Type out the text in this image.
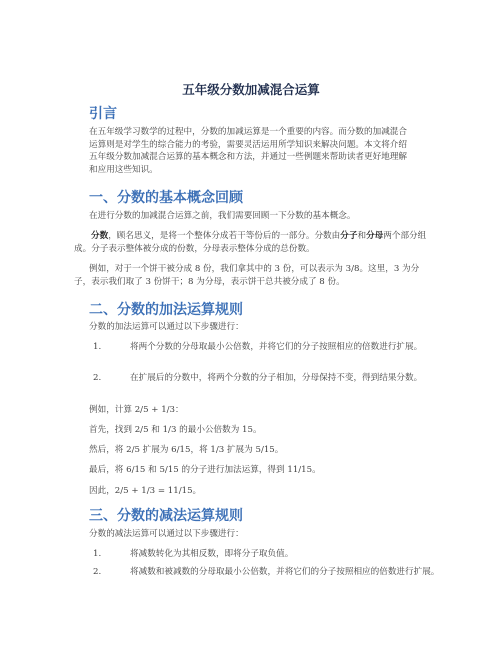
五年级分数加减混合运算
引言
在五年级学习数学的过程中，分数的加减运算是一个重要的内容。而分数的加减混合运算则是对学生的综合能力的考验，需要灵活运用所学知识来解决问题。本文将介绍五年级分数加减混合运算的基本概念和方法，并通过一些例题来帮助读者更好地理解和应用这些知识。
一、分数的基本概念回顾
在进行分数的加减混合运算之前，我们需要回顾一下分数的基本概念。
分数，顾名思义，是将一个整体分成若干等份后的一部分。分数由分子和分母两个部分组成。分子表示整体被分成的份数，分母表示整体分成的总份数。
例如，对于一个饼干被分成 8 份，我们拿其中的 3 份，可以表示为 3/8。这里，3 为分子，表示我们取了 3 份饼干；8 为分母，表示饼干总共被分成了 8 份。
二、分数的加法运算规则
分数的加法运算可以通过以下步骤进行：
1.	将两个分数的分母取最小公倍数，并将它们的分子按照相应的倍数进行扩展。
2.	在扩展后的分数中，将两个分数的分子相加，分母保持不变，得到结果分数。
例如，计算 2/5 + 1/3：
首先，找到 2/5 和 1/3 的最小公倍数为 15。
然后，将 2/5 扩展为 6/15，将 1/3 扩展为 5/15。
最后，将 6/15 和 5/15 的分子进行加法运算，得到 11/15。
因此，2/5 + 1/3 = 11/15。
三、分数的减法运算规则
分数的减法运算可以通过以下步骤进行：
1.	将减数转化为其相反数，即将分子取负值。
2.	将减数和被减数的分母取最小公倍数，并将它们的分子按照相应的倍数进行扩展。
